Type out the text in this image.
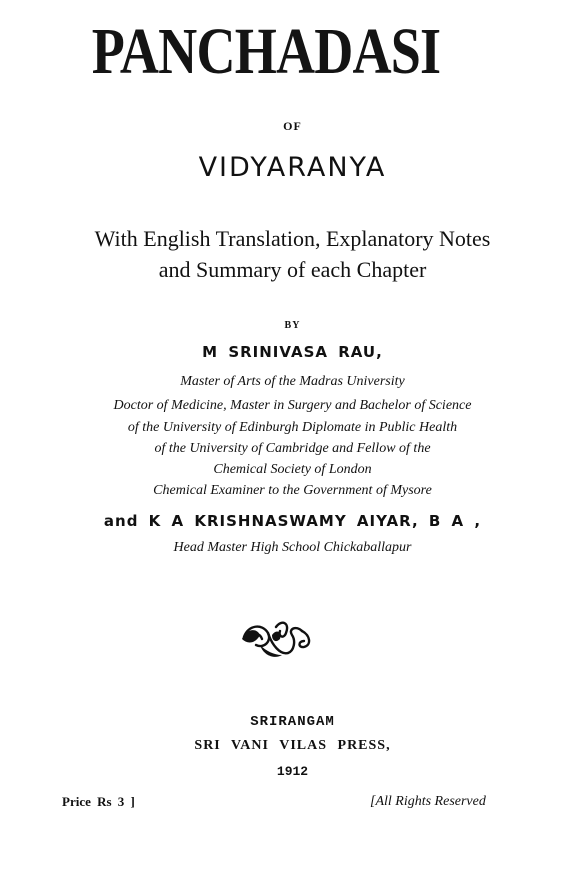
PANCHADASI
OF
VIDYARANYA
With English Translation, Explanatory Notes
and Summary of each Chapter
BY
M SRINIVASA RAU,
Master of Arts of the Madras University
Doctor of Medicine, Master in Surgery and Bachelor of Science
of the University of Edinburgh Diplomate in Public Health
of the University of Cambridge and Fellow of the
Chemical Society of London
Chemical Examiner to the Government of Mysore
and K A KRISHNASWAMY AIYAR, B A ,
Head Master High School Chickaballapur
SRIRANGAM
SRI VANI VILAS PRESS,
1912
Price Rs 3 ]	[All Rights Reserved
